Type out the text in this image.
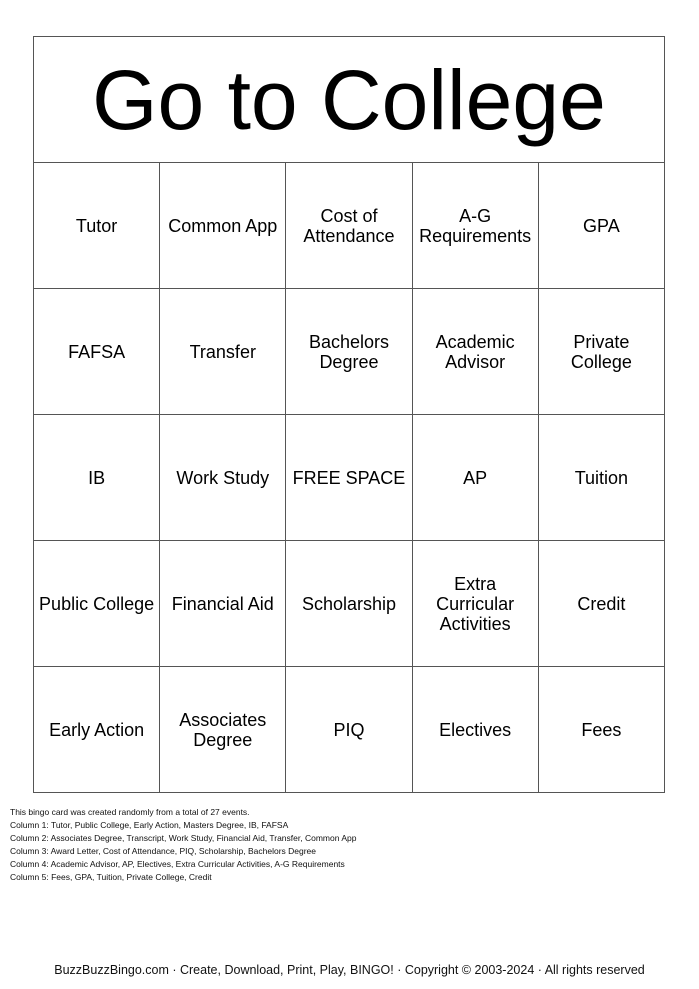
Go to College				
Tutor	Common App	Cost of Attendance	A-G Requirements	GPA
FAFSA	Transfer	Bachelors Degree	Academic Advisor	Private College
IB	Work Study	FREE SPACE	AP	Tuition
Public College	Financial Aid	Scholarship	Extra Curricular Activities	Credit
Early Action	Associates Degree	PIQ	Electives	Fees
This bingo card was created randomly from a total of 27 events.
Column 1: Tutor, Public College, Early Action, Masters Degree, IB, FAFSA
Column 2: Associates Degree, Transcript, Work Study, Financial Aid, Transfer, Common App
Column 3: Award Letter, Cost of Attendance, PIQ, Scholarship, Bachelors Degree
Column 4: Academic Advisor, AP, Electives, Extra Curricular Activities, A-G Requirements
Column 5: Fees, GPA, Tuition, Private College, Credit
BuzzBuzzBingo.com · Create, Download, Print, Play, BINGO! · Copyright © 2003-2024 · All rights reserved
